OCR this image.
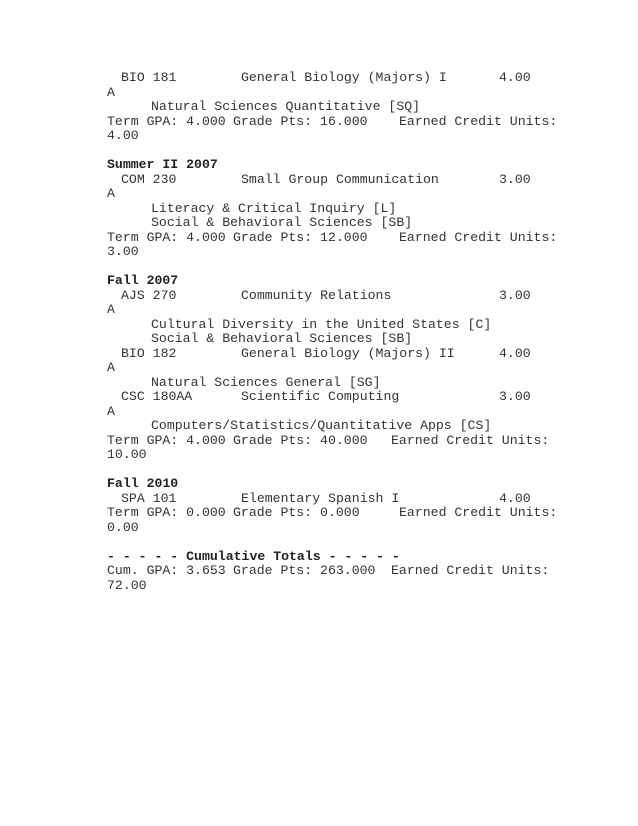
BIO 181	General Biology (Majors) I	4.00
A
Natural Sciences Quantitative [SQ]
Term GPA: 4.000 Grade Pts: 16.000 Earned Credit Units:
4.00
Summer II 2007
COM 230	Small Group Communication	3.00
A
Literacy & Critical Inquiry [L]
Social & Behavioral Sciences [SB]
Term GPA: 4.000 Grade Pts: 12.000 Earned Credit Units:
3.00
Fall 2007
AJS 270	Community Relations	3.00
A
Cultural Diversity in the United States [C]
Social & Behavioral Sciences [SB]
BIO 182	General Biology (Majors) II	4.00
A
Natural Sciences General [SG]
CSC 180AA	Scientific Computing	3.00
A
Computers/Statistics/Quantitative Apps [CS]
Term GPA: 4.000 Grade Pts: 40.000 Earned Credit Units:
10.00
Fall 2010
SPA 101	Elementary Spanish I	4.00
Term GPA: 0.000 Grade Pts: 0.000	Earned Credit Units:
0.00
- - - - - Cumulative Totals - - - - -
Cum. GPA: 3.653 Grade Pts: 263.000 Earned Credit Units:
72.00
